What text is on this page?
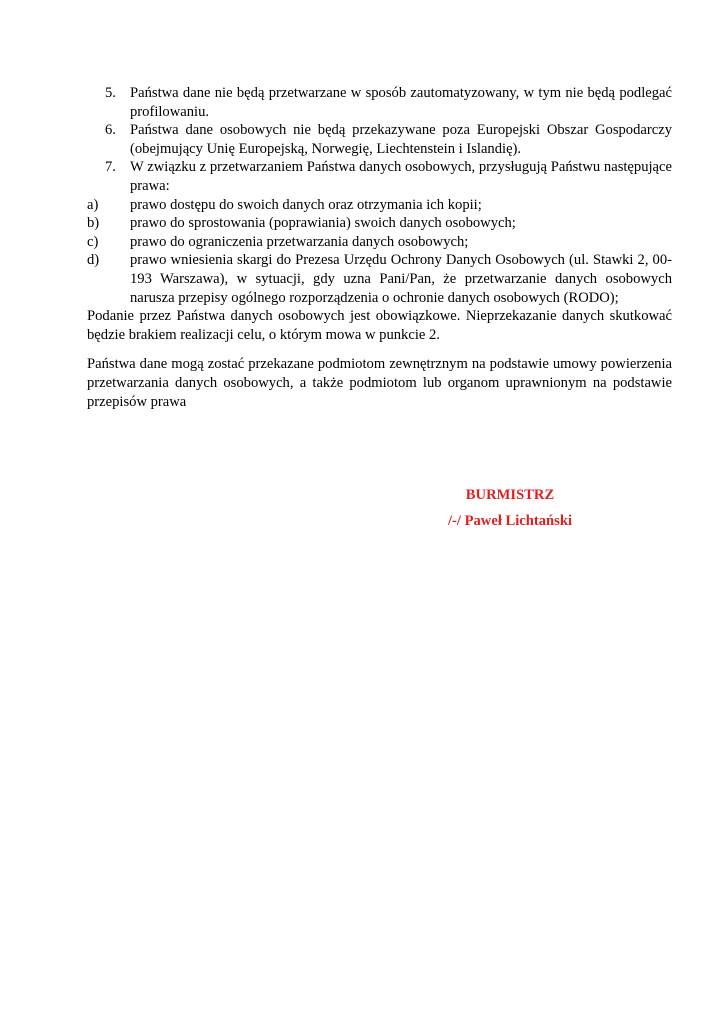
5. Państwa dane nie będą przetwarzane w sposób zautomatyzowany, w tym nie będą podlegać profilowaniu.
6. Państwa dane osobowych nie będą przekazywane poza Europejski Obszar Gospodarczy (obejmujący Unię Europejską, Norwegię, Liechtenstein i Islandię).
7. W związku z przetwarzaniem Państwa danych osobowych, przysługują Państwu następujące prawa:
a)	prawo dostępu do swoich danych oraz otrzymania ich kopii;
b)	prawo do sprostowania (poprawiania) swoich danych osobowych;
c)	prawo do ograniczenia przetwarzania danych osobowych;
d)	prawo wniesienia skargi do Prezesa Urzędu Ochrony Danych Osobowych (ul. Stawki 2, 00-193 Warszawa), w sytuacji, gdy uzna Pani/Pan, że przetwarzanie danych osobowych narusza przepisy ogólnego rozporządzenia o ochronie danych osobowych (RODO);
Podanie przez Państwa danych osobowych jest obowiązkowe. Nieprzekazanie danych skutkować będzie brakiem realizacji celu, o którym mowa w punkcie 2.
Państwa dane mogą zostać przekazane podmiotom zewnętrznym na podstawie umowy powierzenia przetwarzania danych osobowych, a także podmiotom lub organom uprawnionym na podstawie przepisów prawa
BURMISTRZ
/-/ Paweł Lichtański
